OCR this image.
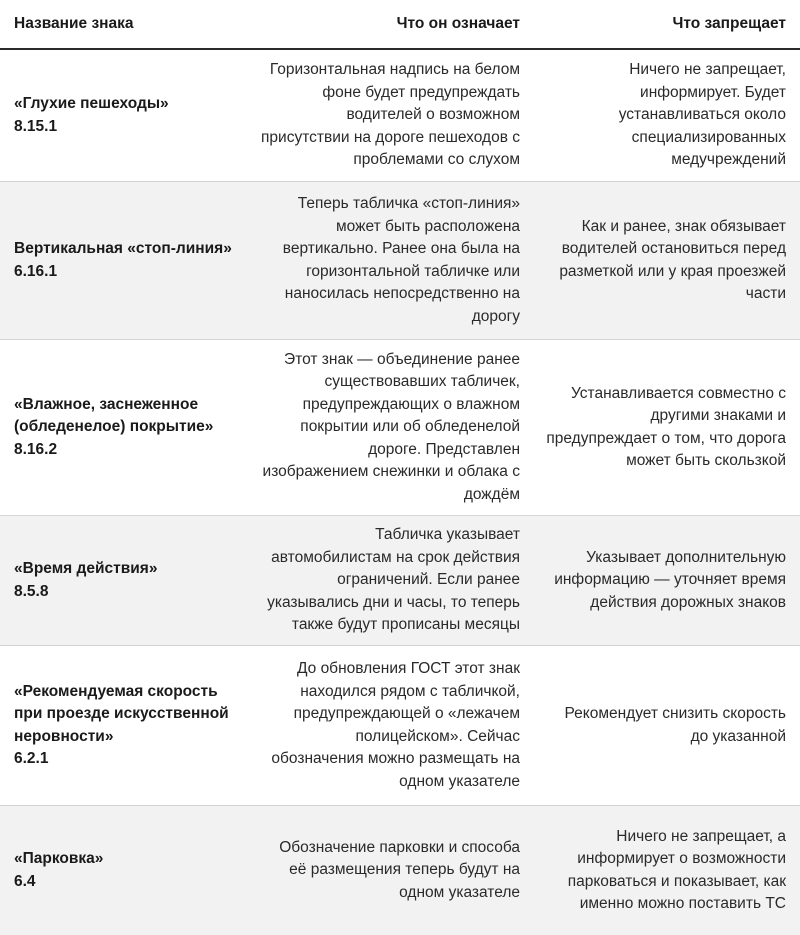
Название знака	Что он означает	Что запрещает
«Глухие пешеходы»
8.15.1
Горизонтальная надпись на белом фоне будет предупреждать водителей о возможном присутствии на дороге пешеходов с проблемами со слухом
Ничего не запрещает, информирует. Будет устанавливаться около специализированных медучреждений
Вертикальная «стоп-линия»
6.16.1
Теперь табличка «стоп-линия» может быть расположена вертикально. Ранее она была на горизонтальной табличке или наносилась непосредственно на дорогу
Как и ранее, знак обязывает водителей остановиться перед разметкой или у края проезжей части
«Влажное, заснеженное (обледенелое) покрытие»
8.16.2
Этот знак — объединение ранее существовавших табличек, предупреждающих о влажном покрытии или об обледенелой дороге. Представлен изображением снежинки и облака с дождём
Устанавливается совместно с другими знаками и предупреждает о том, что дорога может быть скользкой
«Время действия»
8.5.8
Табличка указывает автомобилистам на срок действия ограничений. Если ранее указывались дни и часы, то теперь также будут прописаны месяцы
Указывает дополнительную информацию — уточняет время действия дорожных знаков
«Рекомендуемая скорость при проезде искусственной неровности»
6.2.1
До обновления ГОСТ этот знак находился рядом с табличкой, предупреждающей о «лежачем полицейском». Сейчас обозначения можно размещать на одном указателе
Рекомендует снизить скорость до указанной
«Парковка»
6.4
Обозначение парковки и способа её размещения теперь будут на одном указателе
Ничего не запрещает, а информирует о возможности парковаться и показывает, как именно можно поставить ТС
